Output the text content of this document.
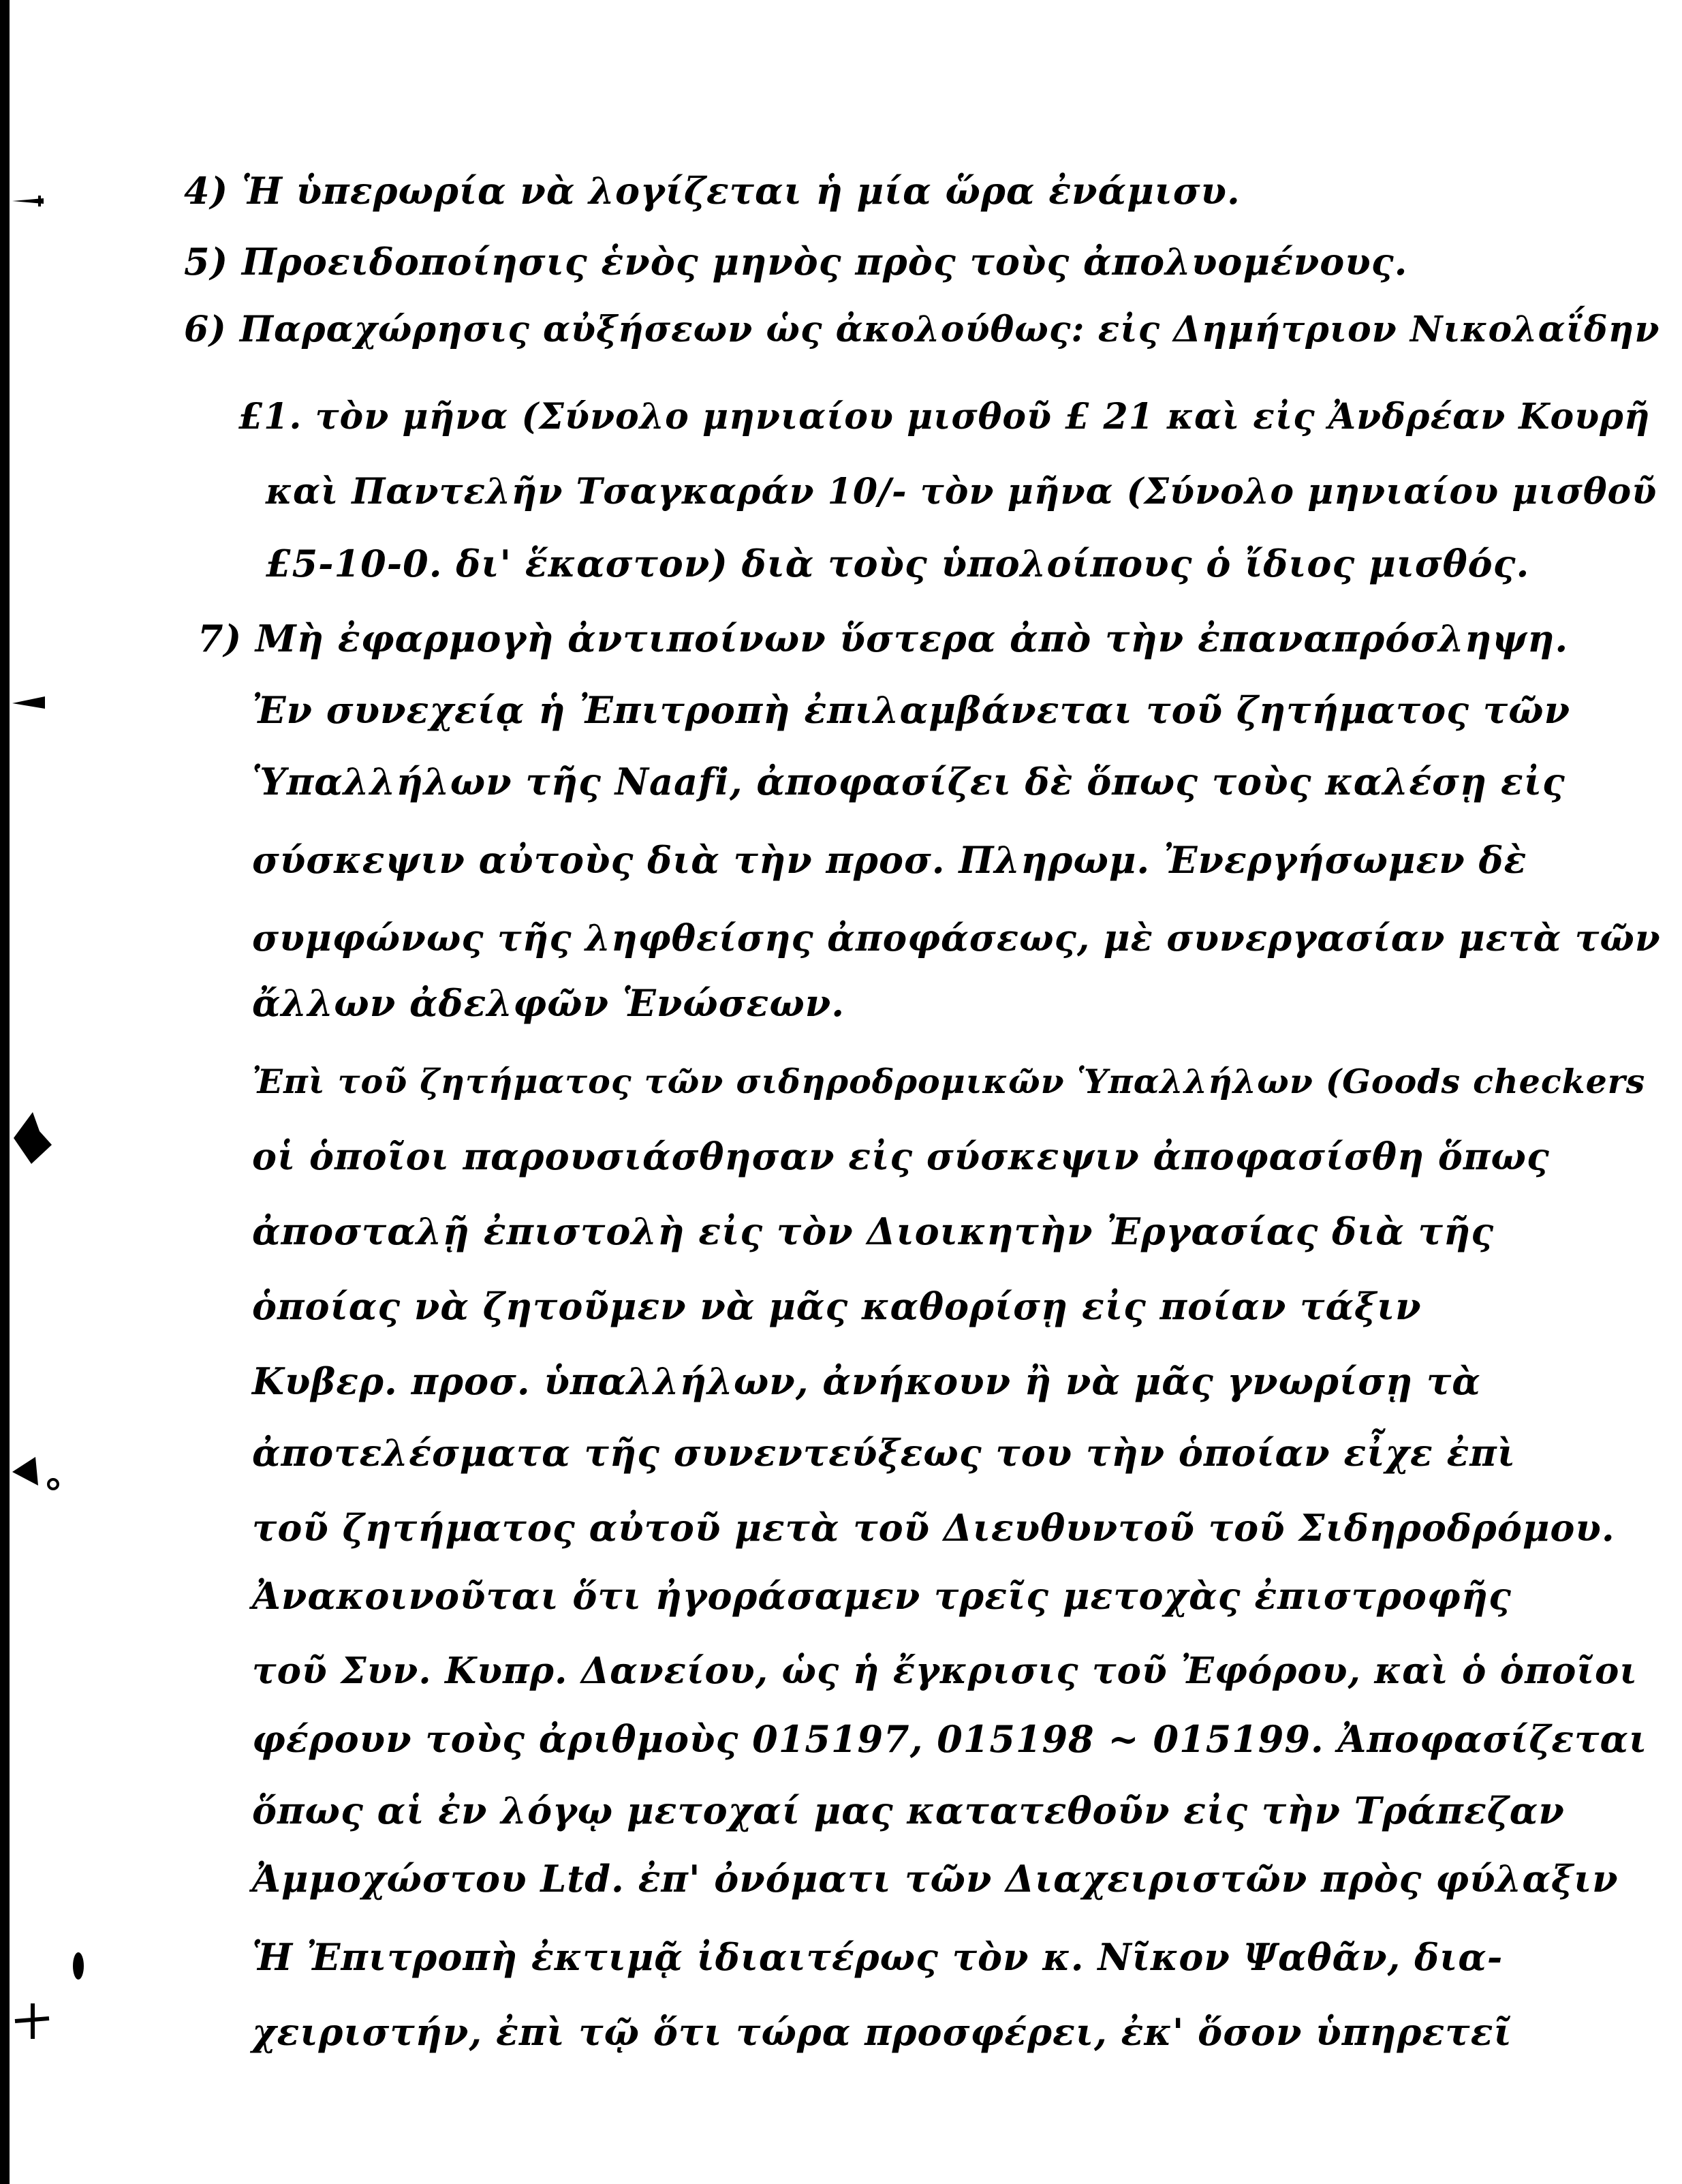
4) Ἡ ὑπερωρία νὰ λογίζεται ἡ μία ὥρα ἐνάμισυ.
5) Προειδοποίησις ἑνὸς μηνὸς πρὸς τοὺς ἀπολυομένους.
6) Παραχώρησις αὐξήσεων ὡς ἀκολούθως: εἰς Δημήτριον Νικολαΐδην
£1. τὸν μῆνα (Σύνολο μηνιαίου μισθοῦ £ 21 καὶ εἰς Ἀνδρέαν Κουρῆ
καὶ Παντελῆν Τσαγκαράν 10/- τὸν μῆνα (Σύνολο μηνιαίου μισθοῦ
£5-10-0. δι' ἕκαστον) διὰ τοὺς ὑπολοίπους ὁ ἴδιος μισθός.
7) Μὴ ἐφαρμογὴ ἀντιποίνων ὕστερα ἀπὸ τὴν ἐπαναπρόσληψη.
Ἐν συνεχείᾳ ἡ Ἐπιτροπὴ ἐπιλαμβάνεται τοῦ ζητήματος τῶν
Ὑπαλλήλων τῆς Naafi, ἀποφασίζει δὲ ὅπως τοὺς καλέσῃ εἰς
σύσκεψιν αὐτοὺς διὰ τὴν προσ. Πληρωμ. Ἐνεργήσωμεν δὲ
συμφώνως τῆς ληφθείσης ἀποφάσεως, μὲ συνεργασίαν μετὰ τῶν
ἄλλων ἀδελφῶν Ἑνώσεων.
Ἐπὶ τοῦ ζητήματος τῶν σιδηροδρομικῶν Ὑπαλλήλων (Goods checkers
οἱ ὁποῖοι παρουσιάσθησαν εἰς σύσκεψιν ἀποφασίσθη ὅπως
ἀποσταλῇ ἐπιστολὴ εἰς τὸν Διοικητὴν Ἐργασίας διὰ τῆς
ὁποίας νὰ ζητοῦμεν νὰ μᾶς καθορίσῃ εἰς ποίαν τάξιν
Κυβερ. προσ. ὑπαλλήλων, ἀνήκουν ἢ νὰ μᾶς γνωρίσῃ τὰ
ἀποτελέσματα τῆς συνεντεύξεως του τὴν ὁποίαν εἶχε ἐπὶ
τοῦ ζητήματος αὐτοῦ μετὰ τοῦ Διευθυντοῦ τοῦ Σιδηροδρόμου.
Ἀνακοινοῦται ὅτι ἠγοράσαμεν τρεῖς μετοχὰς ἐπιστροφῆς
τοῦ Συν. Κυπρ. Δανείου, ὡς ἡ ἔγκρισις τοῦ Ἐφόρου, καὶ ὁ ὁποῖοι
φέρουν τοὺς ἀριθμοὺς 015197, 015198 ~ 015199. Ἀποφασίζεται
ὅπως αἱ ἐν λόγῳ μετοχαί μας κατατεθοῦν εἰς τὴν Τράπεζαν
Ἀμμοχώστου Ltd. ἐπ' ὀνόματι τῶν Διαχειριστῶν πρὸς φύλαξιν
Ἡ Ἐπιτροπὴ ἐκτιμᾷ ἰδιαιτέρως τὸν κ. Νῖκον Ψαθᾶν, δια-
χειριστήν, ἐπὶ τῷ ὅτι τώρα προσφέρει, ἐκ' ὅσον ὑπηρετεῖ
